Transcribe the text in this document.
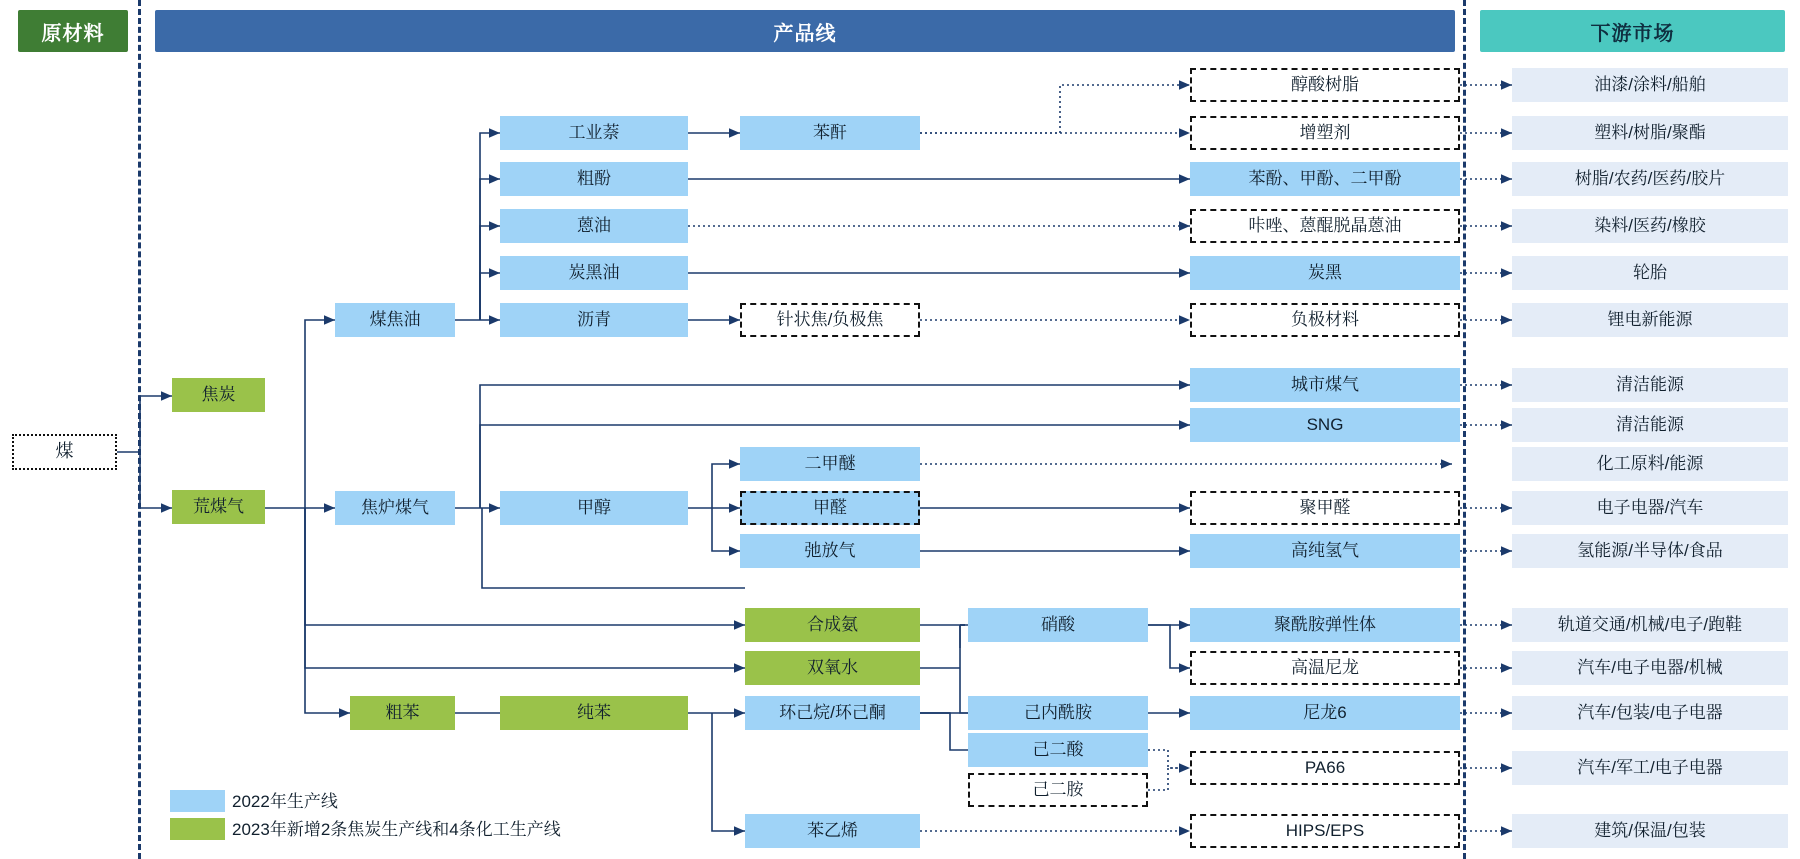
原材料	产品线	下游市场
煤
焦炭
荒煤气
煤焦油
焦炉煤气
粗苯
工业萘
粗酚
蒽油
炭黑油
沥青
甲醇
纯苯
苯酐
针状焦/负极焦
二甲醚
甲醛
弛放气
合成氨
双氧水
环己烷/环己酮
苯乙烯
硝酸
己内酰胺
己二酸
己二胺
醇酸树脂
增塑剂
苯酚、甲酚、二甲酚
咔唑、蒽醌脱晶蒽油
炭黑
负极材料
城市煤气
SNG
聚甲醛
高纯氢气
聚酰胺弹性体
高温尼龙
尼龙6
PA66
HIPS/EPS
油漆/涂料/船舶
塑料/树脂/聚酯
树脂/农药/医药/胶片
染料/医药/橡胶
轮胎
锂电新能源
清洁能源
清洁能源
化工原料/能源
电子电器/汽车
氢能源/半导体/食品
轨道交通/机械/电子/跑鞋
汽车/电子电器/机械
汽车/包装/电子电器
汽车/军工/电子电器
建筑/保温/包装
2022年生产线
2023年新增2条焦炭生产线和4条化工生产线
